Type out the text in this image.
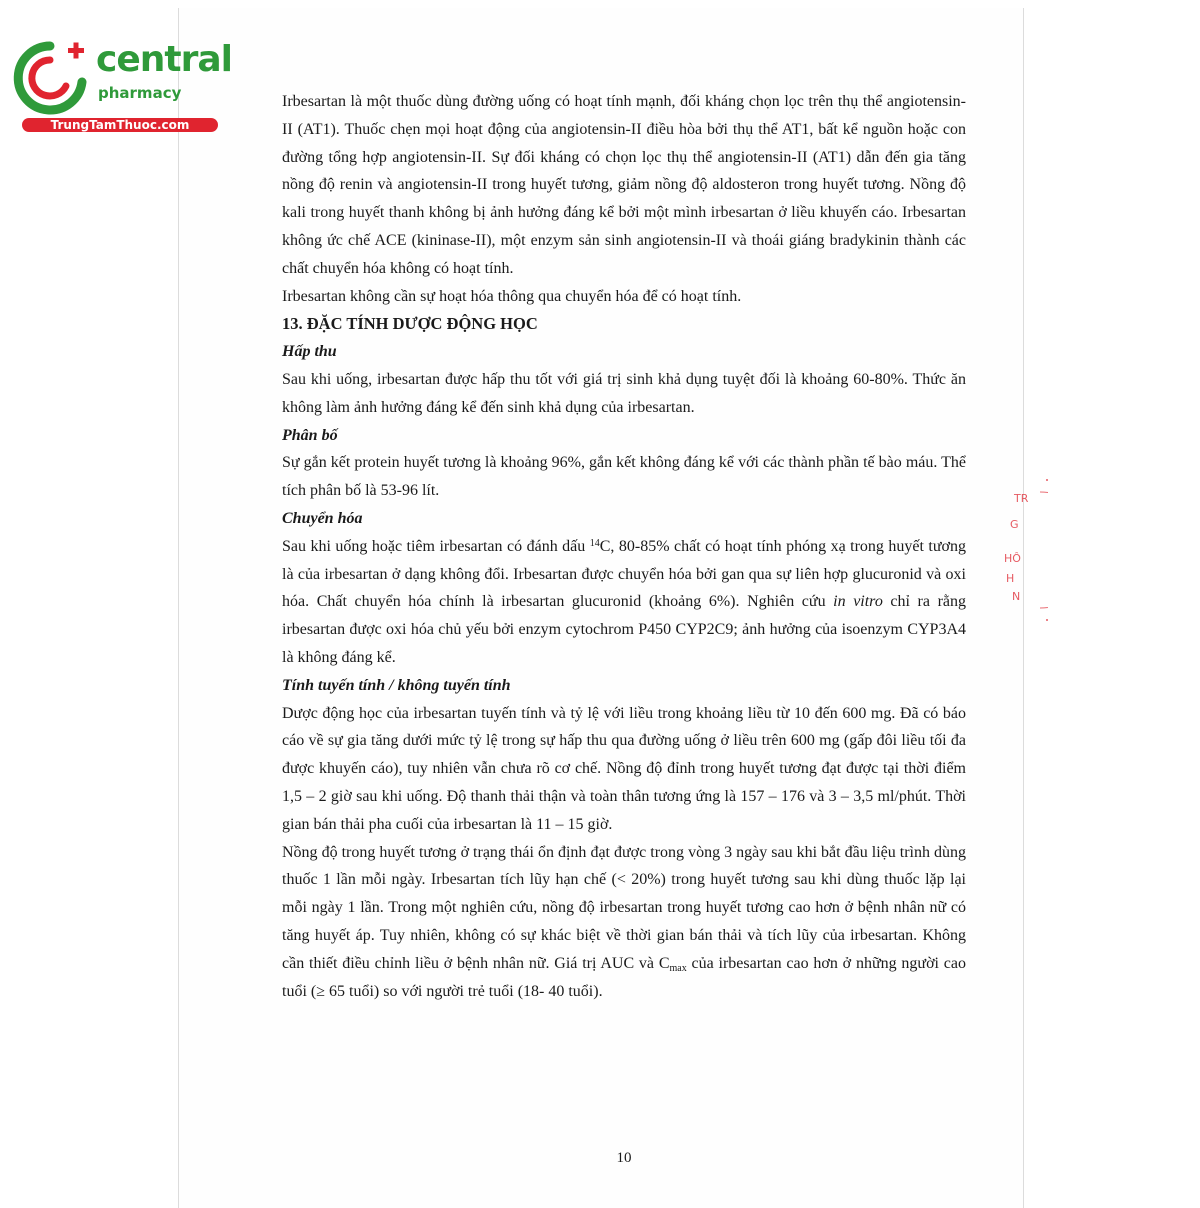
central
pharmacy
TrungTamThuoc.com

Irbesartan là một thuốc dùng đường uống có hoạt tính mạnh, đối kháng chọn lọc trên thụ thể angiotensin-II (AT1). Thuốc chẹn mọi hoạt động của angiotensin-II điều hòa bởi thụ thể AT1, bất kể nguồn hoặc con đường tổng hợp angiotensin-II. Sự đối kháng có chọn lọc thụ thể angiotensin-II (AT1) dẫn đến gia tăng nồng độ renin và angiotensin-II trong huyết tương, giảm nồng độ aldosteron trong huyết tương. Nồng độ kali trong huyết thanh không bị ảnh hưởng đáng kể bởi một mình irbesartan ở liều khuyến cáo. Irbesartan không ức chế ACE (kininase-II), một enzym sản sinh angiotensin-II và thoái giáng bradykinin thành các chất chuyển hóa không có hoạt tính.

Irbesartan không cần sự hoạt hóa thông qua chuyển hóa để có hoạt tính.

13. ĐẶC TÍNH DƯỢC ĐỘNG HỌC

Hấp thu

Sau khi uống, irbesartan được hấp thu tốt với giá trị sinh khả dụng tuyệt đối là khoảng 60-80%. Thức ăn không làm ảnh hưởng đáng kể đến sinh khả dụng của irbesartan.

Phân bố

Sự gắn kết protein huyết tương là khoảng 96%, gắn kết không đáng kể với các thành phần tế bào máu. Thể tích phân bố là 53-96 lít.

Chuyển hóa

Sau khi uống hoặc tiêm irbesartan có đánh dấu $^{14}$C, 80-85% chất có hoạt tính phóng xạ trong huyết tương là của irbesartan ở dạng không đổi. Irbesartan được chuyển hóa bởi gan qua sự liên hợp glucuronid và oxi hóa. Chất chuyển hóa chính là irbesartan glucuronid (khoảng 6%). Nghiên cứu in vitro chỉ ra rằng irbesartan được oxi hóa chủ yếu bởi enzym cytochrom P450 CYP2C9; ảnh hưởng của isoenzym CYP3A4 là không đáng kể.

Tính tuyến tính / không tuyến tính

Dược động học của irbesartan tuyến tính và tỷ lệ với liều trong khoảng liều từ 10 đến 600 mg. Đã có báo cáo về sự gia tăng dưới mức tỷ lệ trong sự hấp thu qua đường uống ở liều trên 600 mg (gấp đôi liều tối đa được khuyến cáo), tuy nhiên vẫn chưa rõ cơ chế. Nồng độ đỉnh trong huyết tương đạt được tại thời điểm 1,5 – 2 giờ sau khi uống. Độ thanh thải thận và toàn thân tương ứng là 157 – 176 và 3 – 3,5 ml/phút. Thời gian bán thải pha cuối của irbesartan là 11 – 15 giờ.

Nồng độ trong huyết tương ở trạng thái ổn định đạt được trong vòng 3 ngày sau khi bắt đầu liệu trình dùng thuốc 1 lần mỗi ngày. Irbesartan tích lũy hạn chế (< 20%) trong huyết tương sau khi dùng thuốc lặp lại mỗi ngày 1 lần. Trong một nghiên cứu, nồng độ irbesartan trong huyết tương cao hơn ở bệnh nhân nữ có tăng huyết áp. Tuy nhiên, không có sự khác biệt về thời gian bán thải và tích lũy của irbesartan. Không cần thiết điều chỉnh liều ở bệnh nhân nữ. Giá trị AUC và $C_{max}$ của irbesartan cao hơn ở những người cao tuổi (≥ 65 tuổi) so với người trẻ tuổi (18- 40 tuổi).

TR
G
HÔ
H
N
10
